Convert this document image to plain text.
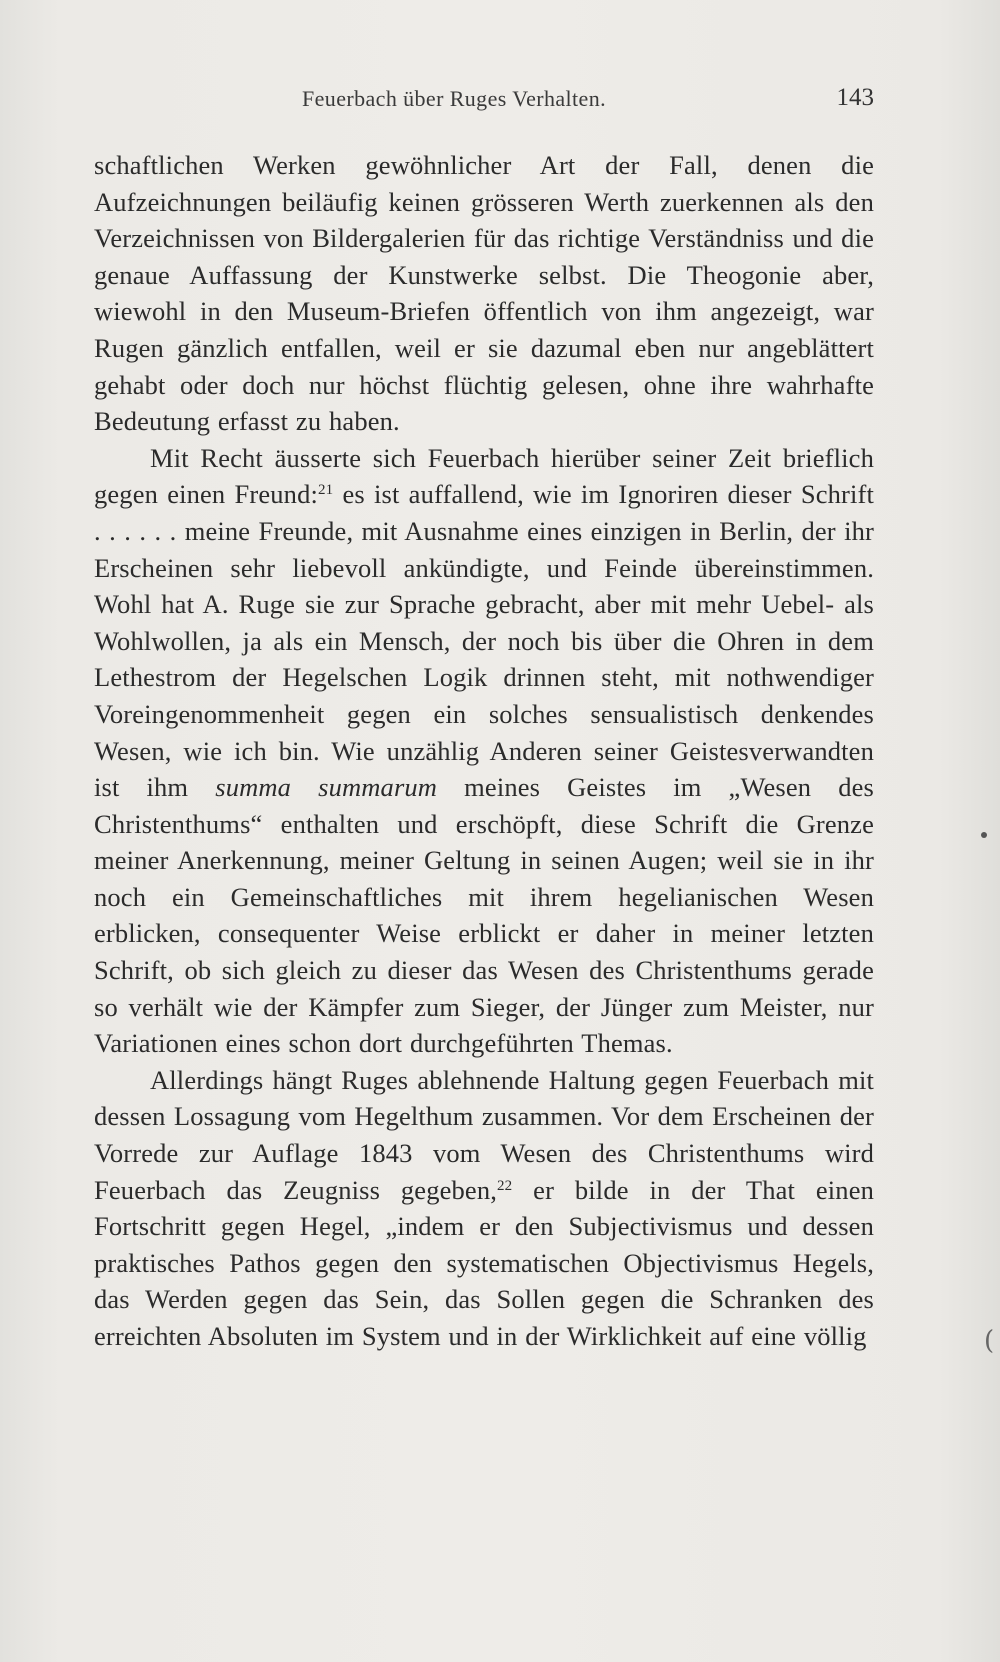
Feuerbach über Ruges Verhalten.	143

schaftlichen Werken gewöhnlicher Art der Fall, denen die Aufzeichnungen beiläufig keinen grösseren Werth zuerkennen als den Verzeichnissen von Bildergalerien für das richtige Verständniss und die genaue Auffassung der Kunstwerke selbst. Die Theogonie aber, wiewohl in den Museum-Briefen öffentlich von ihm angezeigt, war Rugen gänzlich entfallen, weil er sie dazumal eben nur angeblättert gehabt oder doch nur höchst flüchtig gelesen, ohne ihre wahrhafte Bedeutung erfasst zu haben.

Mit Recht äusserte sich Feuerbach hierüber seiner Zeit brieflich gegen einen Freund:$^{21}$ es ist auffallend, wie im Ignoriren dieser Schrift . . . . . . meine Freunde, mit Ausnahme eines einzigen in Berlin, der ihr Erscheinen sehr liebevoll ankündigte, und Feinde übereinstimmen. Wohl hat A. Ruge sie zur Sprache gebracht, aber mit mehr Uebel- als Wohlwollen, ja als ein Mensch, der noch bis über die Ohren in dem Lethestrom der Hegelschen Logik drinnen steht, mit nothwendiger Voreingenommenheit gegen ein solches sensualistisch denkendes Wesen, wie ich bin. Wie unzählig Anderen seiner Geistesverwandten ist ihm summa summarum meines Geistes im „Wesen des Christenthums“ enthalten und erschöpft, diese Schrift die Grenze meiner Anerkennung, meiner Geltung in seinen Augen; weil sie in ihr noch ein Gemeinschaftliches mit ihrem hegelianischen Wesen erblicken, consequenter Weise erblickt er daher in meiner letzten Schrift, ob sich gleich zu dieser das Wesen des Christenthums gerade so verhält wie der Kämpfer zum Sieger, der Jünger zum Meister, nur Variationen eines schon dort durchgeführten Themas.

Allerdings hängt Ruges ablehnende Haltung gegen Feuerbach mit dessen Lossagung vom Hegelthum zusammen. Vor dem Erscheinen der Vorrede zur Auflage 1843 vom Wesen des Christenthums wird Feuerbach das Zeugniss gegeben,$^{22}$ er bilde in der That einen Fortschritt gegen Hegel, „indem er den Subjectivismus und dessen praktisches Pathos gegen den systematischen Objectivismus Hegels, das Werden gegen das Sein, das Sollen gegen die Schranken des erreichten Absoluten im System und in der Wirklichkeit auf eine völlig	(
